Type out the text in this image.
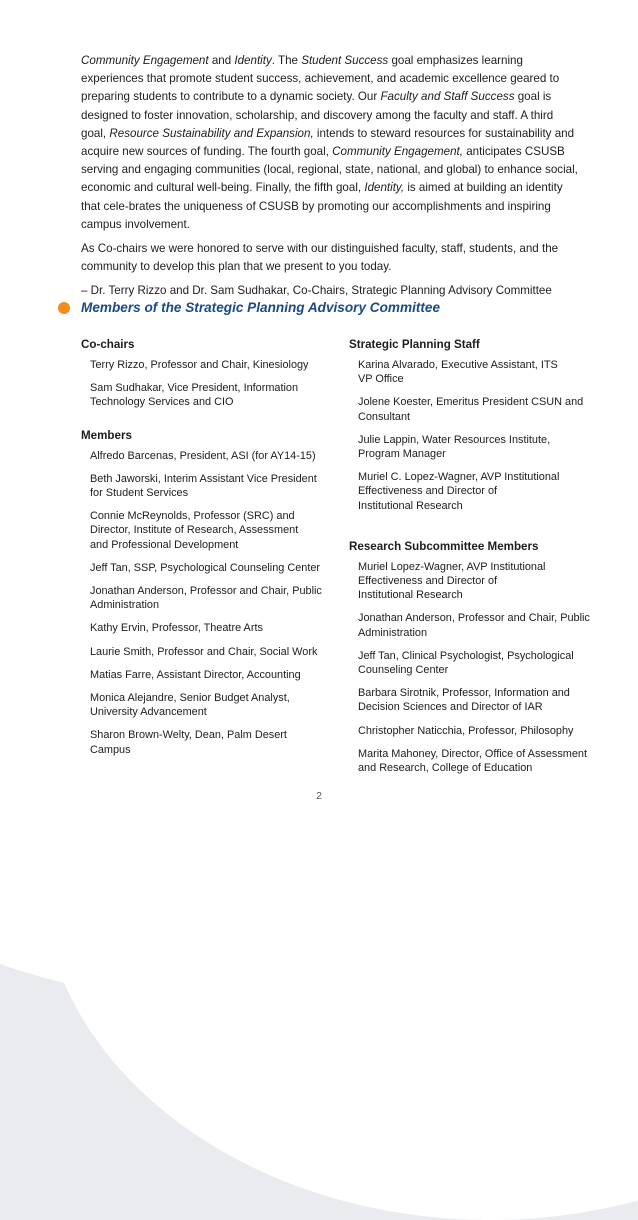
Community Engagement and Identity. The Student Success goal emphasizes learning experiences that promote student success, achievement, and academic excellence geared to preparing students to contribute to a dynamic society. Our Faculty and Staff Success goal is designed to foster innovation, scholarship, and discovery among the faculty and staff. A third goal, Resource Sustainability and Expansion, intends to steward resources for sustainability and acquire new sources of funding. The fourth goal, Community Engagement, anticipates CSUSB serving and engaging communities (local, regional, state, national, and global) to enhance social, economic and cultural well-being. Finally, the fifth goal, Identity, is aimed at building an identity that cele-brates the uniqueness of CSUSB by promoting our accomplishments and inspiring campus involvement.

As Co-chairs we were honored to serve with our distinguished faculty, staff, students, and the community to develop this plan that we present to you today.

– Dr. Terry Rizzo and Dr. Sam Sudhakar, Co-Chairs, Strategic Planning Advisory Committee

Members of the Strategic Planning Advisory Committee
Co-chairs
Terry Rizzo, Professor and Chair, Kinesiology
Sam Sudhakar, Vice President, Information
Technology Services and CIO
Members
Alfredo Barcenas, President, ASI (for AY14-15)
Beth Jaworski, Interim Assistant Vice President
for Student Services
Connie McReynolds, Professor (SRC) and
Director, Institute of Research, Assessment
and Professional Development
Jeff Tan, SSP, Psychological Counseling Center
Jonathan Anderson, Professor and Chair, Public
Administration
Kathy Ervin, Professor, Theatre Arts
Laurie Smith, Professor and Chair, Social Work
Matias Farre, Assistant Director, Accounting
Monica Alejandre, Senior Budget Analyst,
University Advancement
Sharon Brown-Welty, Dean, Palm Desert
Campus
Strategic Planning Staff
Karina Alvarado, Executive Assistant, ITS
VP Office
Jolene Koester, Emeritus President CSUN and
Consultant
Julie Lappin, Water Resources Institute,
Program Manager
Muriel C. Lopez-Wagner, AVP Institutional
Effectiveness and Director of
Institutional Research
Research Subcommittee Members
Muriel Lopez-Wagner, AVP Institutional
Effectiveness and Director of
Institutional Research
Jonathan Anderson, Professor and Chair, Public
Administration
Jeff Tan, Clinical Psychologist, Psychological
Counseling Center
Barbara Sirotnik, Professor, Information and
Decision Sciences and Director of IAR
Christopher Naticchia, Professor, Philosophy
Marita Mahoney, Director, Office of Assessment
and Research, College of Education
2
